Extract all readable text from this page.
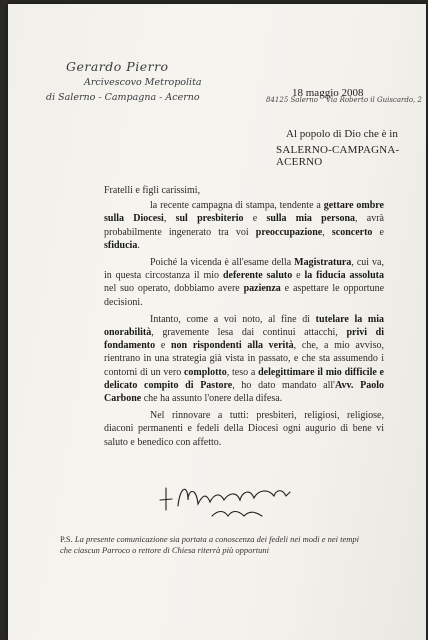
Gerardo Pierro
Arcivescovo Metropolita
di Salerno - Campagna - Acerno	84125 Salerno Via Roberto il Guiscardo, 2
18 maggio 2008
Al popolo di Dio che è in
SALERNO-CAMPAGNA-ACERNO

Fratelli e figli carissimi,

la recente campagna di stampa, tendente a gettare ombre sulla Diocesi, sul presbiterio e sulla mia persona, avrà probabilmente ingenerato tra voi preoccupazione, sconcerto e sfiducia.

Poiché la vicenda è all'esame della Magistratura, cui va, in questa circostanza il mio deferente saluto e la fiducia assoluta nel suo operato, dobbiamo avere pazienza e aspettare le opportune decisioni.

Intanto, come a voi noto, al fine di tutelare la mia onorabilità, gravemente lesa dai continui attacchi, privi di fondamento e non rispondenti alla verità, che, a mio avviso, rientrano in una strategia già vista in passato, e che sta assumendo i contorni di un vero complotto, teso a delegittimare il mio difficile e delicato compito di Pastore, ho dato mandato all'Avv. Paolo Carbone che ha assunto l'onere della difesa.

Nel rinnovare a tutti: presbiteri, religiosi, religiose, diaconi permanenti e fedeli della Diocesi ogni augurio di bene vi saluto e benedico con affetto.

P.S. La presente comunicazione sia portata a conoscenza dei fedeli nei modi e nei tempi che ciascun Parroco o rettore di Chiesa riterrà più opportuni
